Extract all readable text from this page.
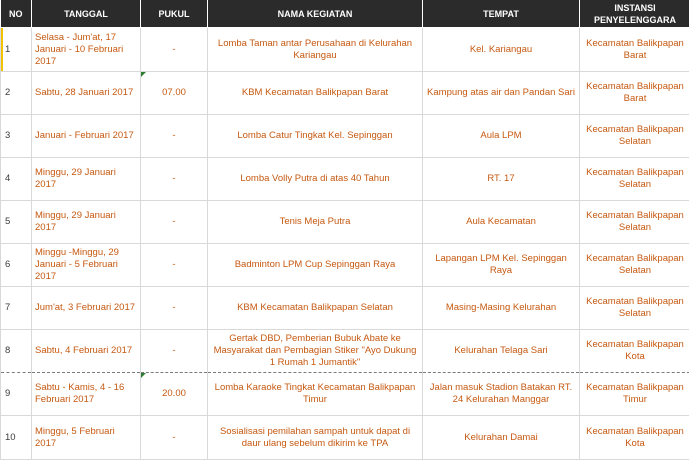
NO	TANGGAL	PUKUL	NAMA KEGIATAN	TEMPAT	INSTANSI PENYELENGGARA
1	Selasa - Jum'at, 17 Januari - 10 Februari 2017	-	Lomba Taman antar Perusahaan di Kelurahan Kariangau	Kel. Kariangau	Kecamatan Balikpapan Barat
2	Sabtu, 28 Januari 2017	07.00	KBM Kecamatan Balikpapan Barat	Kampung atas air dan Pandan Sari	Kecamatan Balikpapan Barat
3	Januari - Februari 2017	-	Lomba Catur Tingkat Kel. Sepinggan	Aula LPM	Kecamatan Balikpapan Selatan
4	Minggu, 29 Januari 2017	-	Lomba Volly Putra di atas 40 Tahun	RT. 17	Kecamatan Balikpapan Selatan
5	Minggu, 29 Januari 2017	-	Tenis Meja Putra	Aula Kecamatan	Kecamatan Balikpapan Selatan
6	Minggu -Minggu, 29 Januari - 5 Februari 2017	-	Badminton LPM Cup Sepinggan Raya	Lapangan LPM Kel. Sepinggan Raya	Kecamatan Balikpapan Selatan
7	Jum'at, 3 Februari 2017	-	KBM Kecamatan Balikpapan Selatan	Masing-Masing Kelurahan	Kecamatan Balikpapan Selatan
8	Sabtu, 4 Februari 2017	-	Gertak DBD, Pemberian Bubuk Abate ke Masyarakat dan Pembagian Stiker "Ayo Dukung 1 Rumah 1 Jumantik"	Kelurahan Telaga Sari	Kecamatan Balikpapan Kota
9	Sabtu - Kamis, 4 - 16 Februari 2017	20.00	Lomba Karaoke Tingkat Kecamatan Balikpapan Timur	Jalan masuk Stadion Batakan RT. 24 Kelurahan Manggar	Kecamatan Balikpapan Timur
10	Minggu, 5 Februari 2017	-	Sosialisasi pemilahan sampah untuk dapat di daur ulang sebelum dikirim ke TPA	Kelurahan Damai	Kecamatan Balikpapan Kota
